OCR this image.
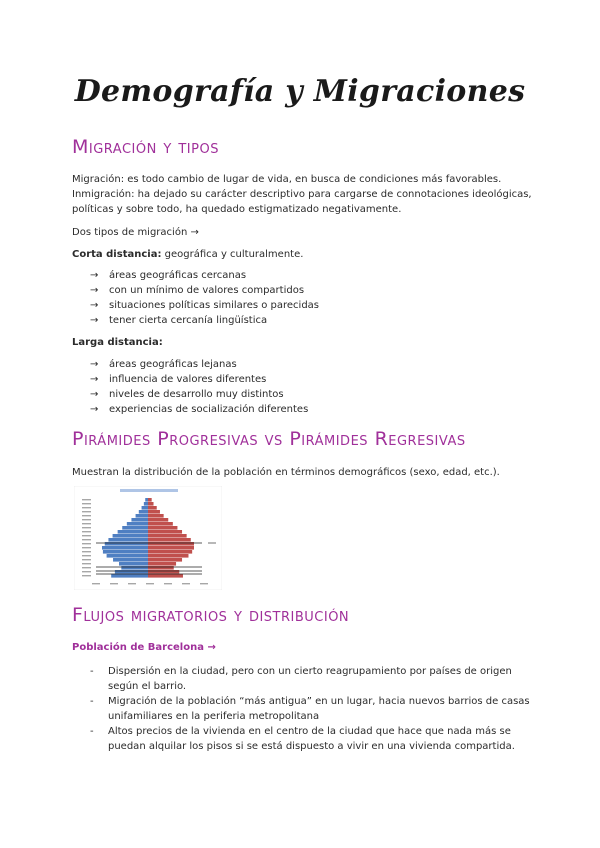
Demografía y Migraciones
Migración y tipos

Migración: es todo cambio de lugar de vida, en busca de condiciones más favorables.

Inmigración: ha dejado su carácter descriptivo para cargarse de connotaciones ideológicas,

políticas y sobre todo, ha quedado estigmatizado negativamente.

Dos tipos de migración →

Corta distancia: geográfica y culturalmente.

→ áreas geográficas cercanas
→ con un mínimo de valores compartidos
→ situaciones políticas similares o parecidas
→ tener cierta cercanía lingüística

Larga distancia:

→ áreas geográficas lejanas
→ influencia de valores diferentes
→ niveles de desarrollo muy distintos
→ experiencias de socialización diferentes
Pirámides Progresivas vs Pirámides Regresivas

Muestran la distribución de la población en términos demográficos (sexo, edad, etc.).

Flujos migratorios y distribución

Población de Barcelona →

- Dispersión en la ciudad, pero con un cierto reagrupamiento por países de origen según el barrio.
- Migración de la población “más antigua” en un lugar, hacia nuevos barrios de casas unifamiliares en la periferia metropolitana
- Altos precios de la vivienda en el centro de la ciudad que hace que nada más se puedan alquilar los pisos si se está dispuesto a vivir en una vivienda compartida.
